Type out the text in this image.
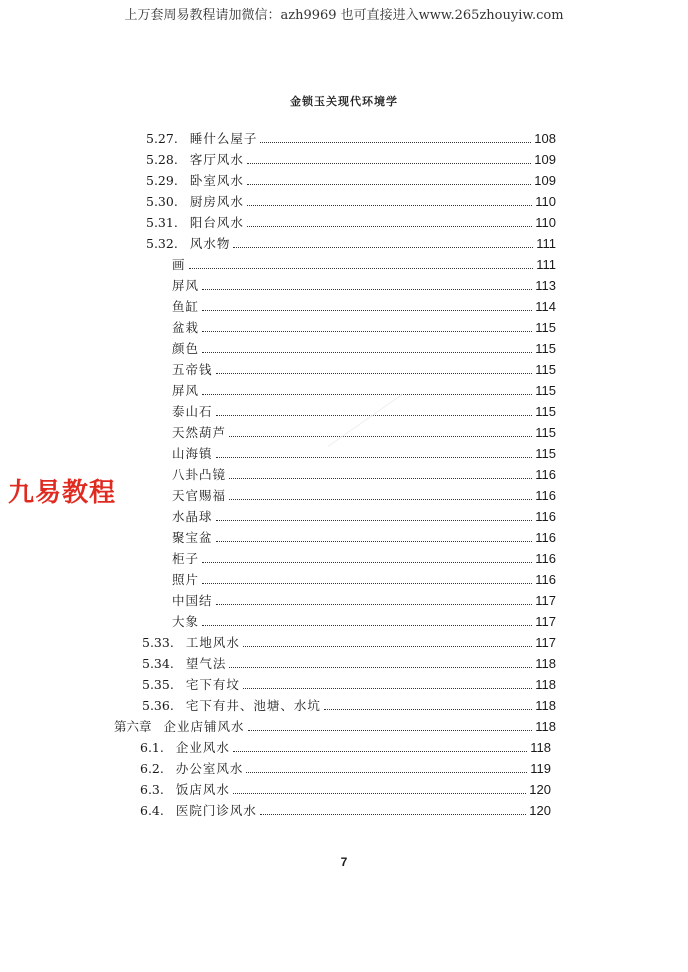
上万套周易教程请加微信：azh9969 也可直接进入www.265zhouyiw.com
金锁玉关现代环境学
5.27. 睡什么屋子	108
5.28. 客厅风水	109
5.29. 卧室风水	109
5.30. 厨房风水	110
5.31. 阳台风水	110
5.32. 风水物	111
画	111
屏风	113
鱼缸	114
盆栽	115
颜色	115
五帝钱	115
屏风	115
泰山石	115
天然葫芦	115
山海镇	115
八卦凸镜	116
天官赐福	116
水晶球	116
聚宝盆	116
柜子	116
照片	116
中国结	117
大象	117
5.33. 工地风水	117
5.34. 望气法	118
5.35. 宅下有坟	118
5.36. 宅下有井、池塘、水坑	118
第六章 企业店铺风水	118
6.1. 企业风水	118
6.2. 办公室风水	119
6.3. 饭店风水	120
6.4. 医院门诊风水	120
九易教程
7
